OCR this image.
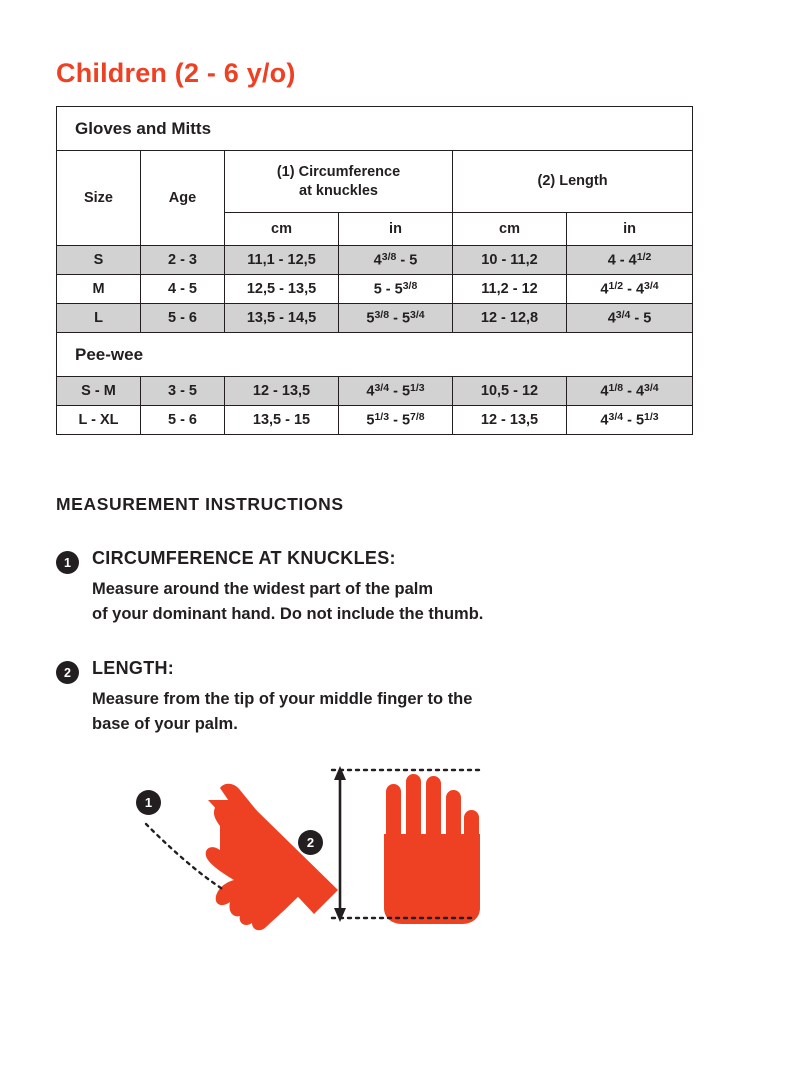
Children (2 - 6 y/o)
Gloves and Mitts					
Size	Age	(1) Circumference
at knuckles		(2) Length	
		cm	in	cm	in
S	2 - 3	11,1 - 12,5	$4^{3/8} - 5$	10 - 11,2	$4 - 4^{1/2}$
M	4 - 5	12,5 - 13,5	$5 - 5^{3/8}$	11,2 - 12	$4^{1/2} - 4^{3/4}$
L	5 - 6	13,5 - 14,5	$5^{3/8} - 5^{3/4}$	12 - 12,8	$4^{3/4} - 5$
Pee-wee					
S - M	3 - 5	12 - 13,5	$4^{3/4} - 5^{1/3}$	10,5 - 12	$4^{1/8} - 4^{3/4}$
L - XL	5 - 6	13,5 - 15	$5^{1/3} - 5^{7/8}$	12 - 13,5	$4^{3/4} - 5^{1/3}$
MEASUREMENT INSTRUCTIONS
1	CIRCUMFERENCE AT KNUCKLES:
Measure around the widest part of the palm
of your dominant hand. Do not include the thumb.
2	LENGTH:
Measure from the tip of your middle finger to the
base of your palm.
1
2
